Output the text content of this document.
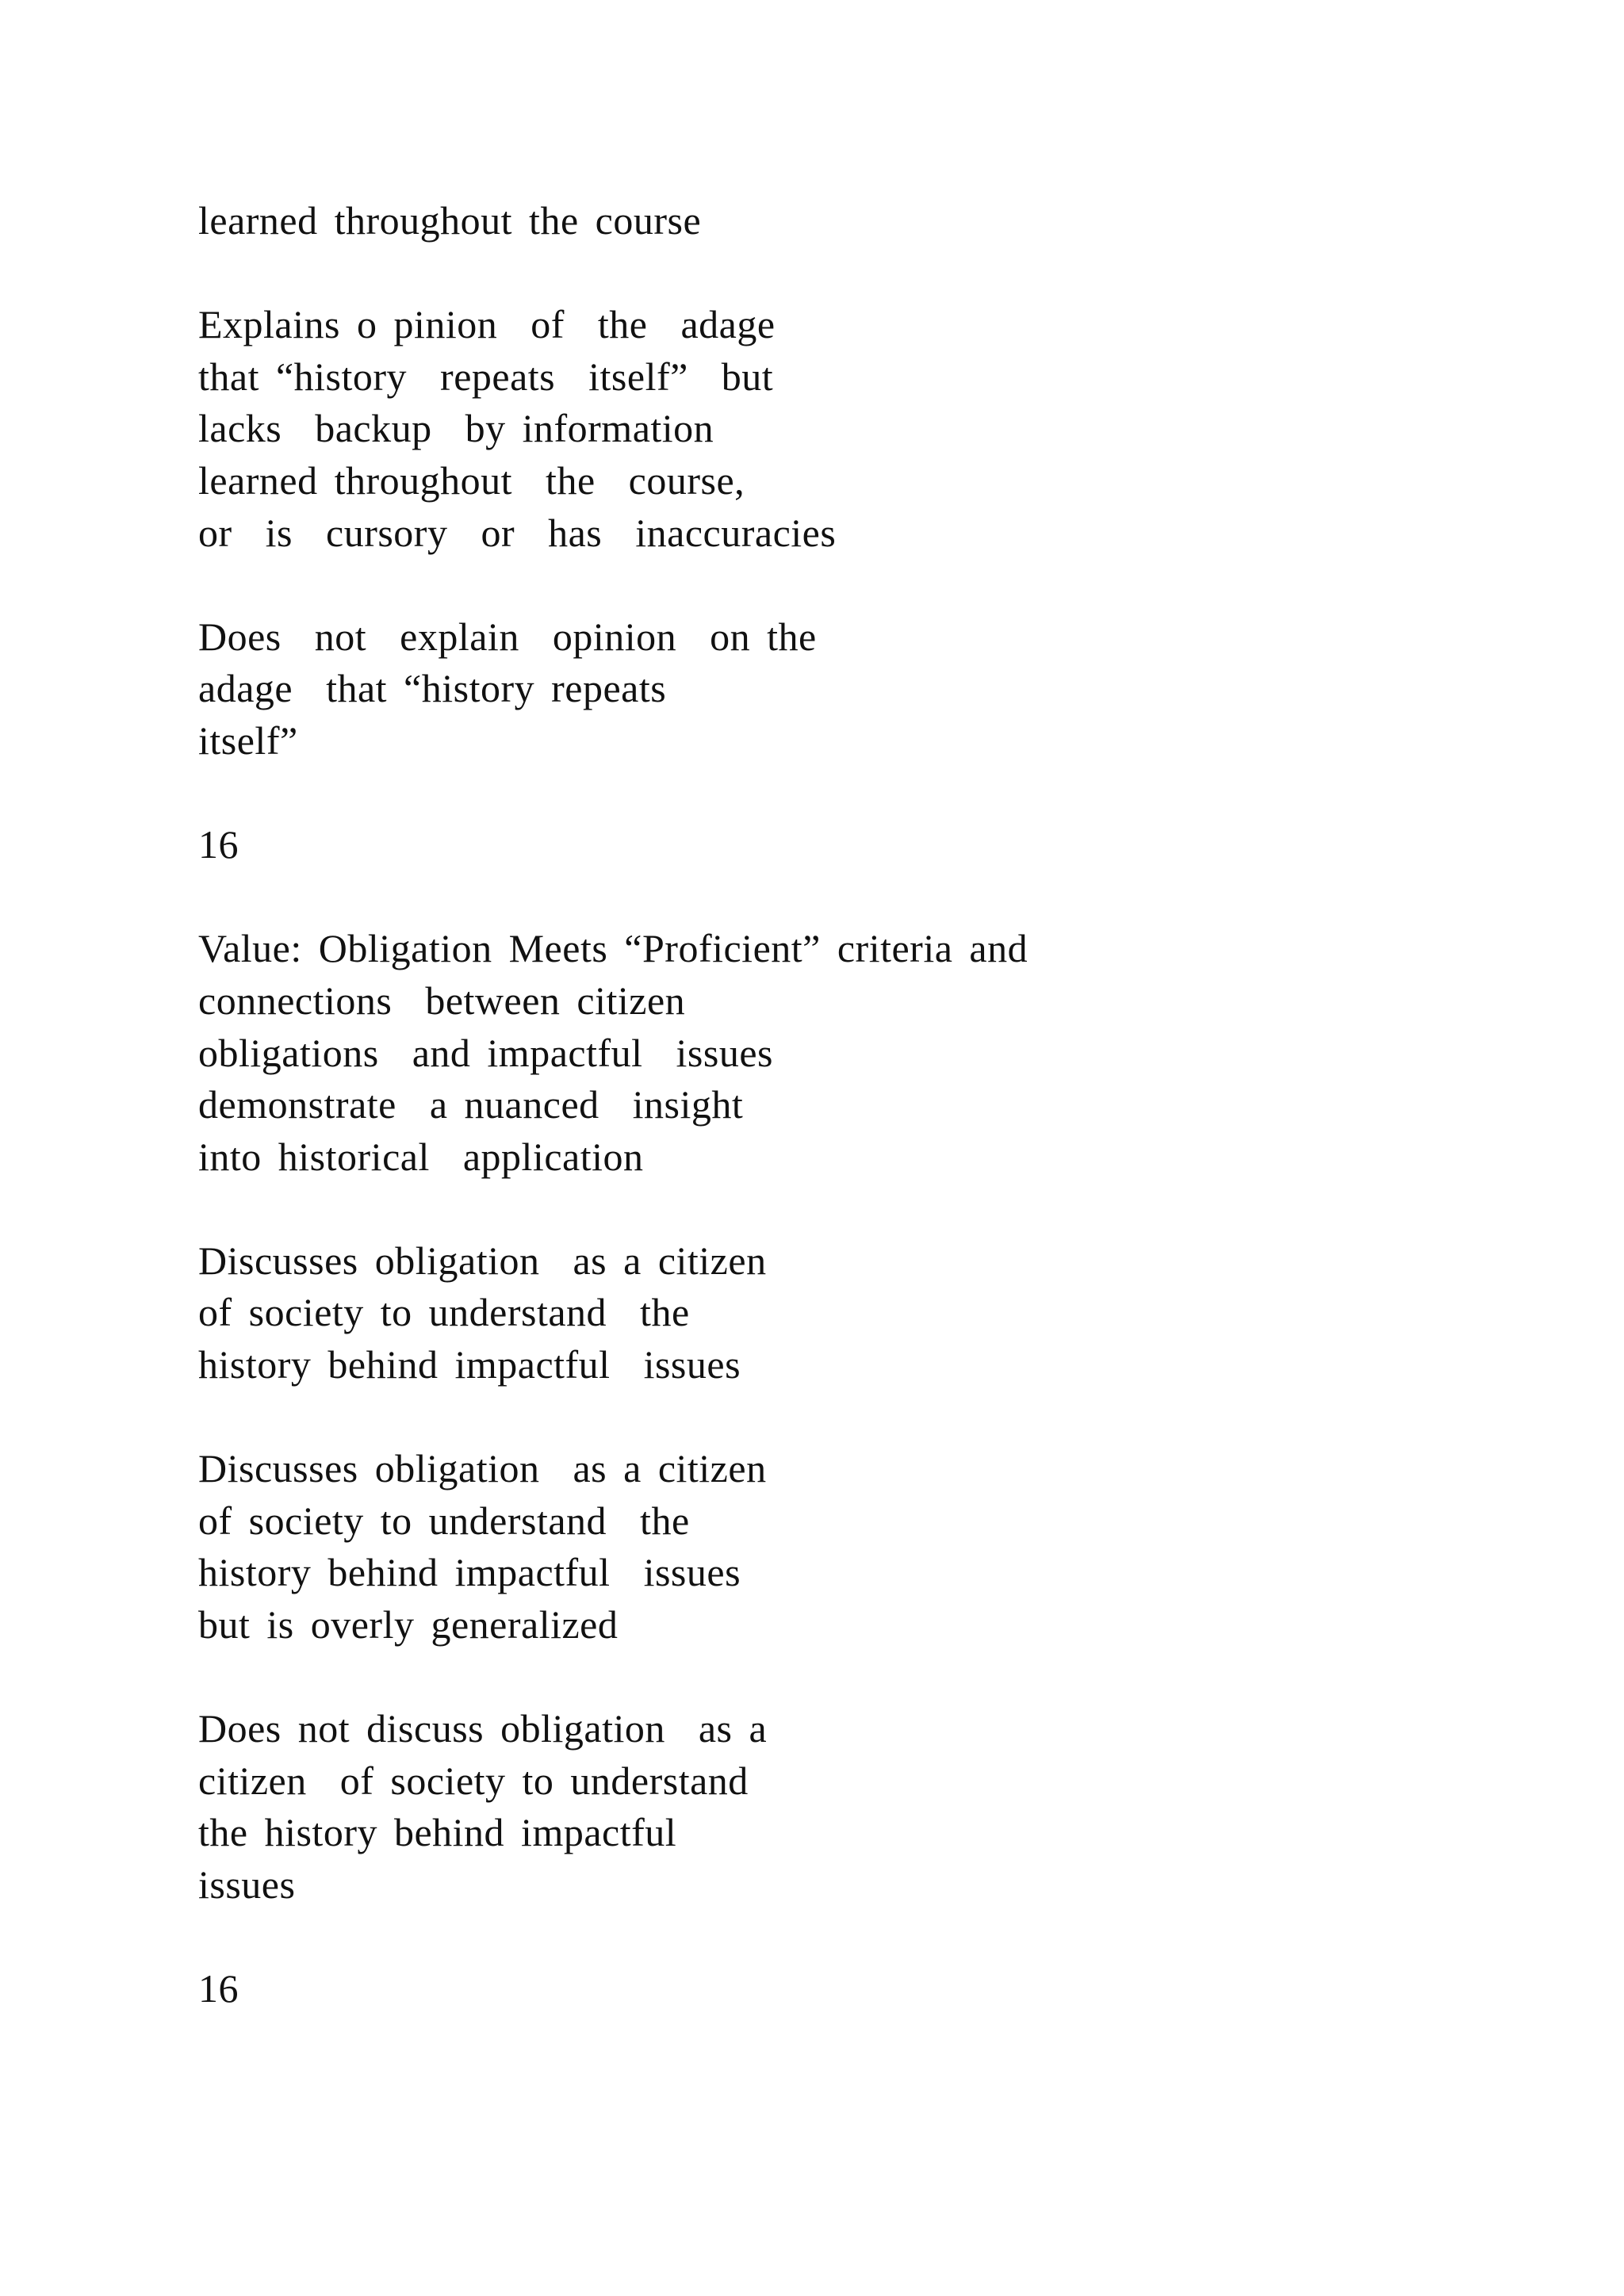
learned throughout the course

Explains o pinion  of  the  adage
that “history  repeats  itself”  but
lacks  backup  by information
learned throughout  the  course,
or  is  cursory  or  has  inaccuracies

Does  not  explain  opinion  on the
adage  that “history repeats
itself”

16

Value: Obligation Meets “Proficient” criteria and
connections  between citizen
obligations  and impactful  issues
demonstrate  a nuanced  insight
into historical  application

Discusses obligation  as a citizen
of society to understand  the
history behind impactful  issues

Discusses obligation  as a citizen
of society to understand  the
history behind impactful  issues
but is overly generalized

Does not discuss obligation  as a
citizen  of society to understand
the history behind impactful
issues

16
